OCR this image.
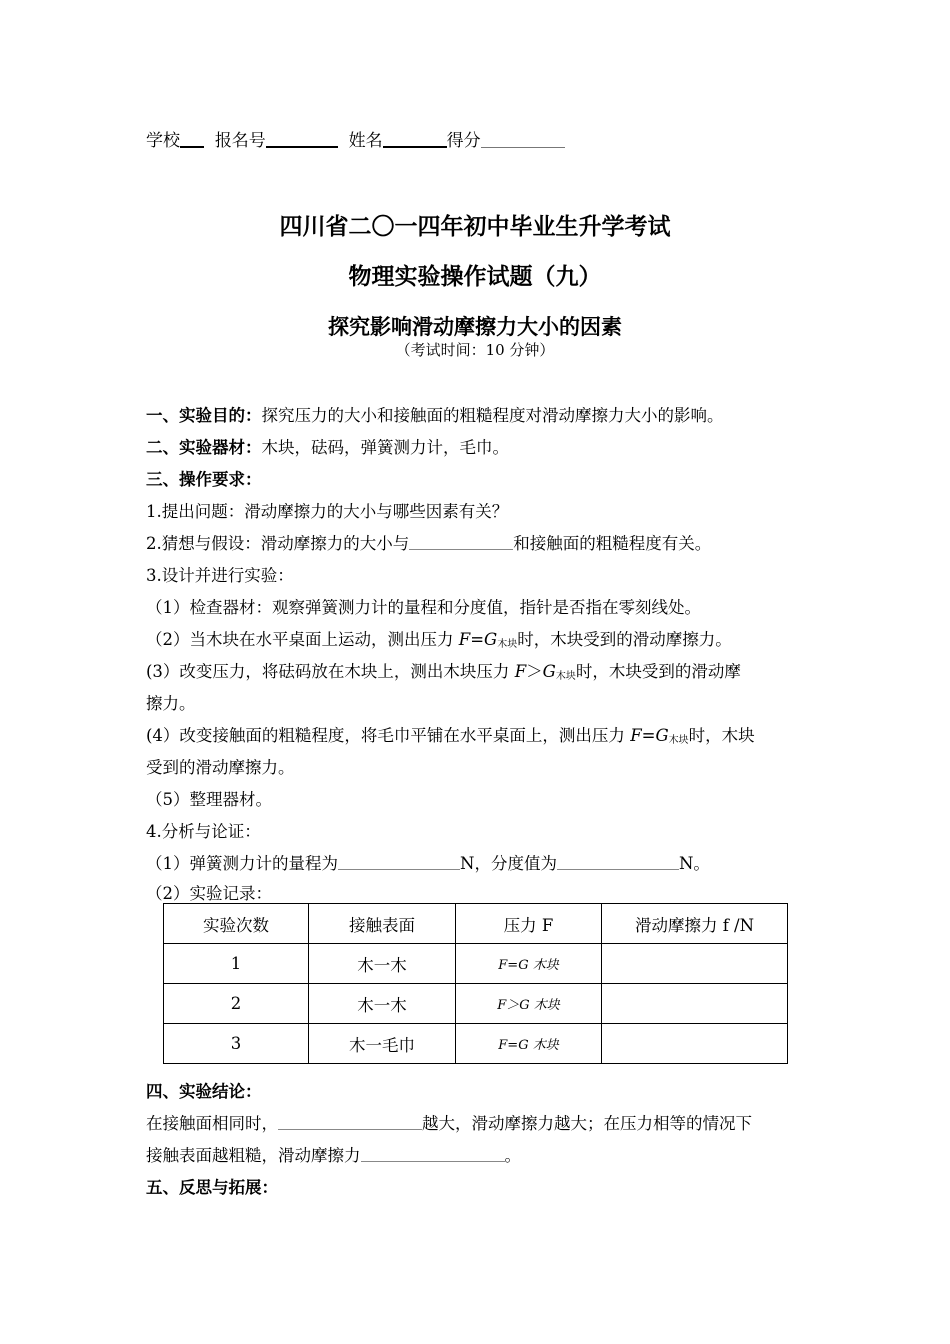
学校 报名号	姓名	得分
四川省二〇一四年初中毕业生升学考试
物理实验操作试题（九）
探究影响滑动摩擦力大小的因素
（考试时间：10 分钟）
一、实验目的：探究压力的大小和接触面的粗糙程度对滑动摩擦力大小的影响。
二、实验器材：木块，砝码，弹簧测力计，毛巾。
三、操作要求：
1.提出问题：滑动摩擦力的大小与哪些因素有关？
2.猜想与假设：滑动摩擦力的大小与	和接触面的粗糙程度有关。
3.设计并进行实验：
（1）检查器材：观察弹簧测力计的量程和分度值，指针是否指在零刻线处。
（2）当木块在水平桌面上运动，测出压力 $F=G_{木块}$时，木块受到的滑动摩擦力。
(3）改变压力，将砝码放在木块上，测出木块压力 $F>G_{木块}$时，木块受到的滑动摩
擦力。
(4）改变接触面的粗糙程度，将毛巾平铺在水平桌面上，测出压力 $F=G_{木块}$时，木块
受到的滑动摩擦力。
（5）整理器材。
4.分析与论证：
（1）弹簧测力计的量程为	N，分度值为	N。
（2）实验记录：
实验次数	接触表面	压力 F	滑动摩擦力 f /N
1	木一木	F=G 木块	
2	木一木	F＞G 木块	
3	木一毛巾	F=G 木块	
四、实验结论：
在接触面相同时，	越大，滑动摩擦力越大；在压力相等的情况下
接触表面越粗糙，滑动摩擦力	。
五、反思与拓展：
